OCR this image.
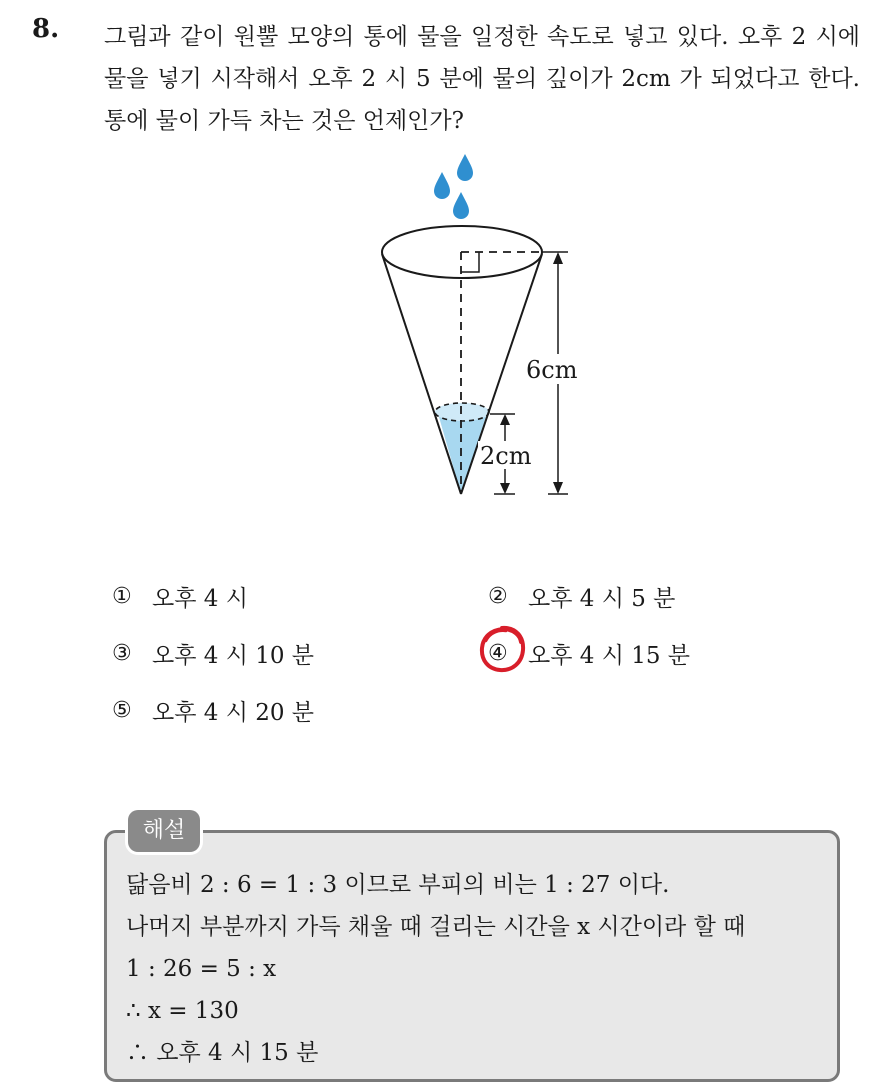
8. 그림과 같이 원뿔 모양의 통에 물을 일정한 속도로 넣고 있다. 오후 2 시에 물을 넣기 시작해서 오후 2 시 5 분에 물의 깊이가 2cm 가 되었다고 한다. 통에 물이 가득 차는 것은 언제인가?
6cm
2cm
① 오후 4 시	② 오후 4 시 5 분
③ 오후 4 시 10 분	④ 오후 4 시 15 분
⑤ 오후 4 시 20 분
해설
닮음비 2 : 6 = 1 : 3 이므로 부피의 비는 1 : 27 이다.
나머지 부분까지 가득 채울 때 걸리는 시간을 x 시간이라 할 때
1 : 26 = 5 : x
∴ x = 130
∴ 오후 4 시 15 분
